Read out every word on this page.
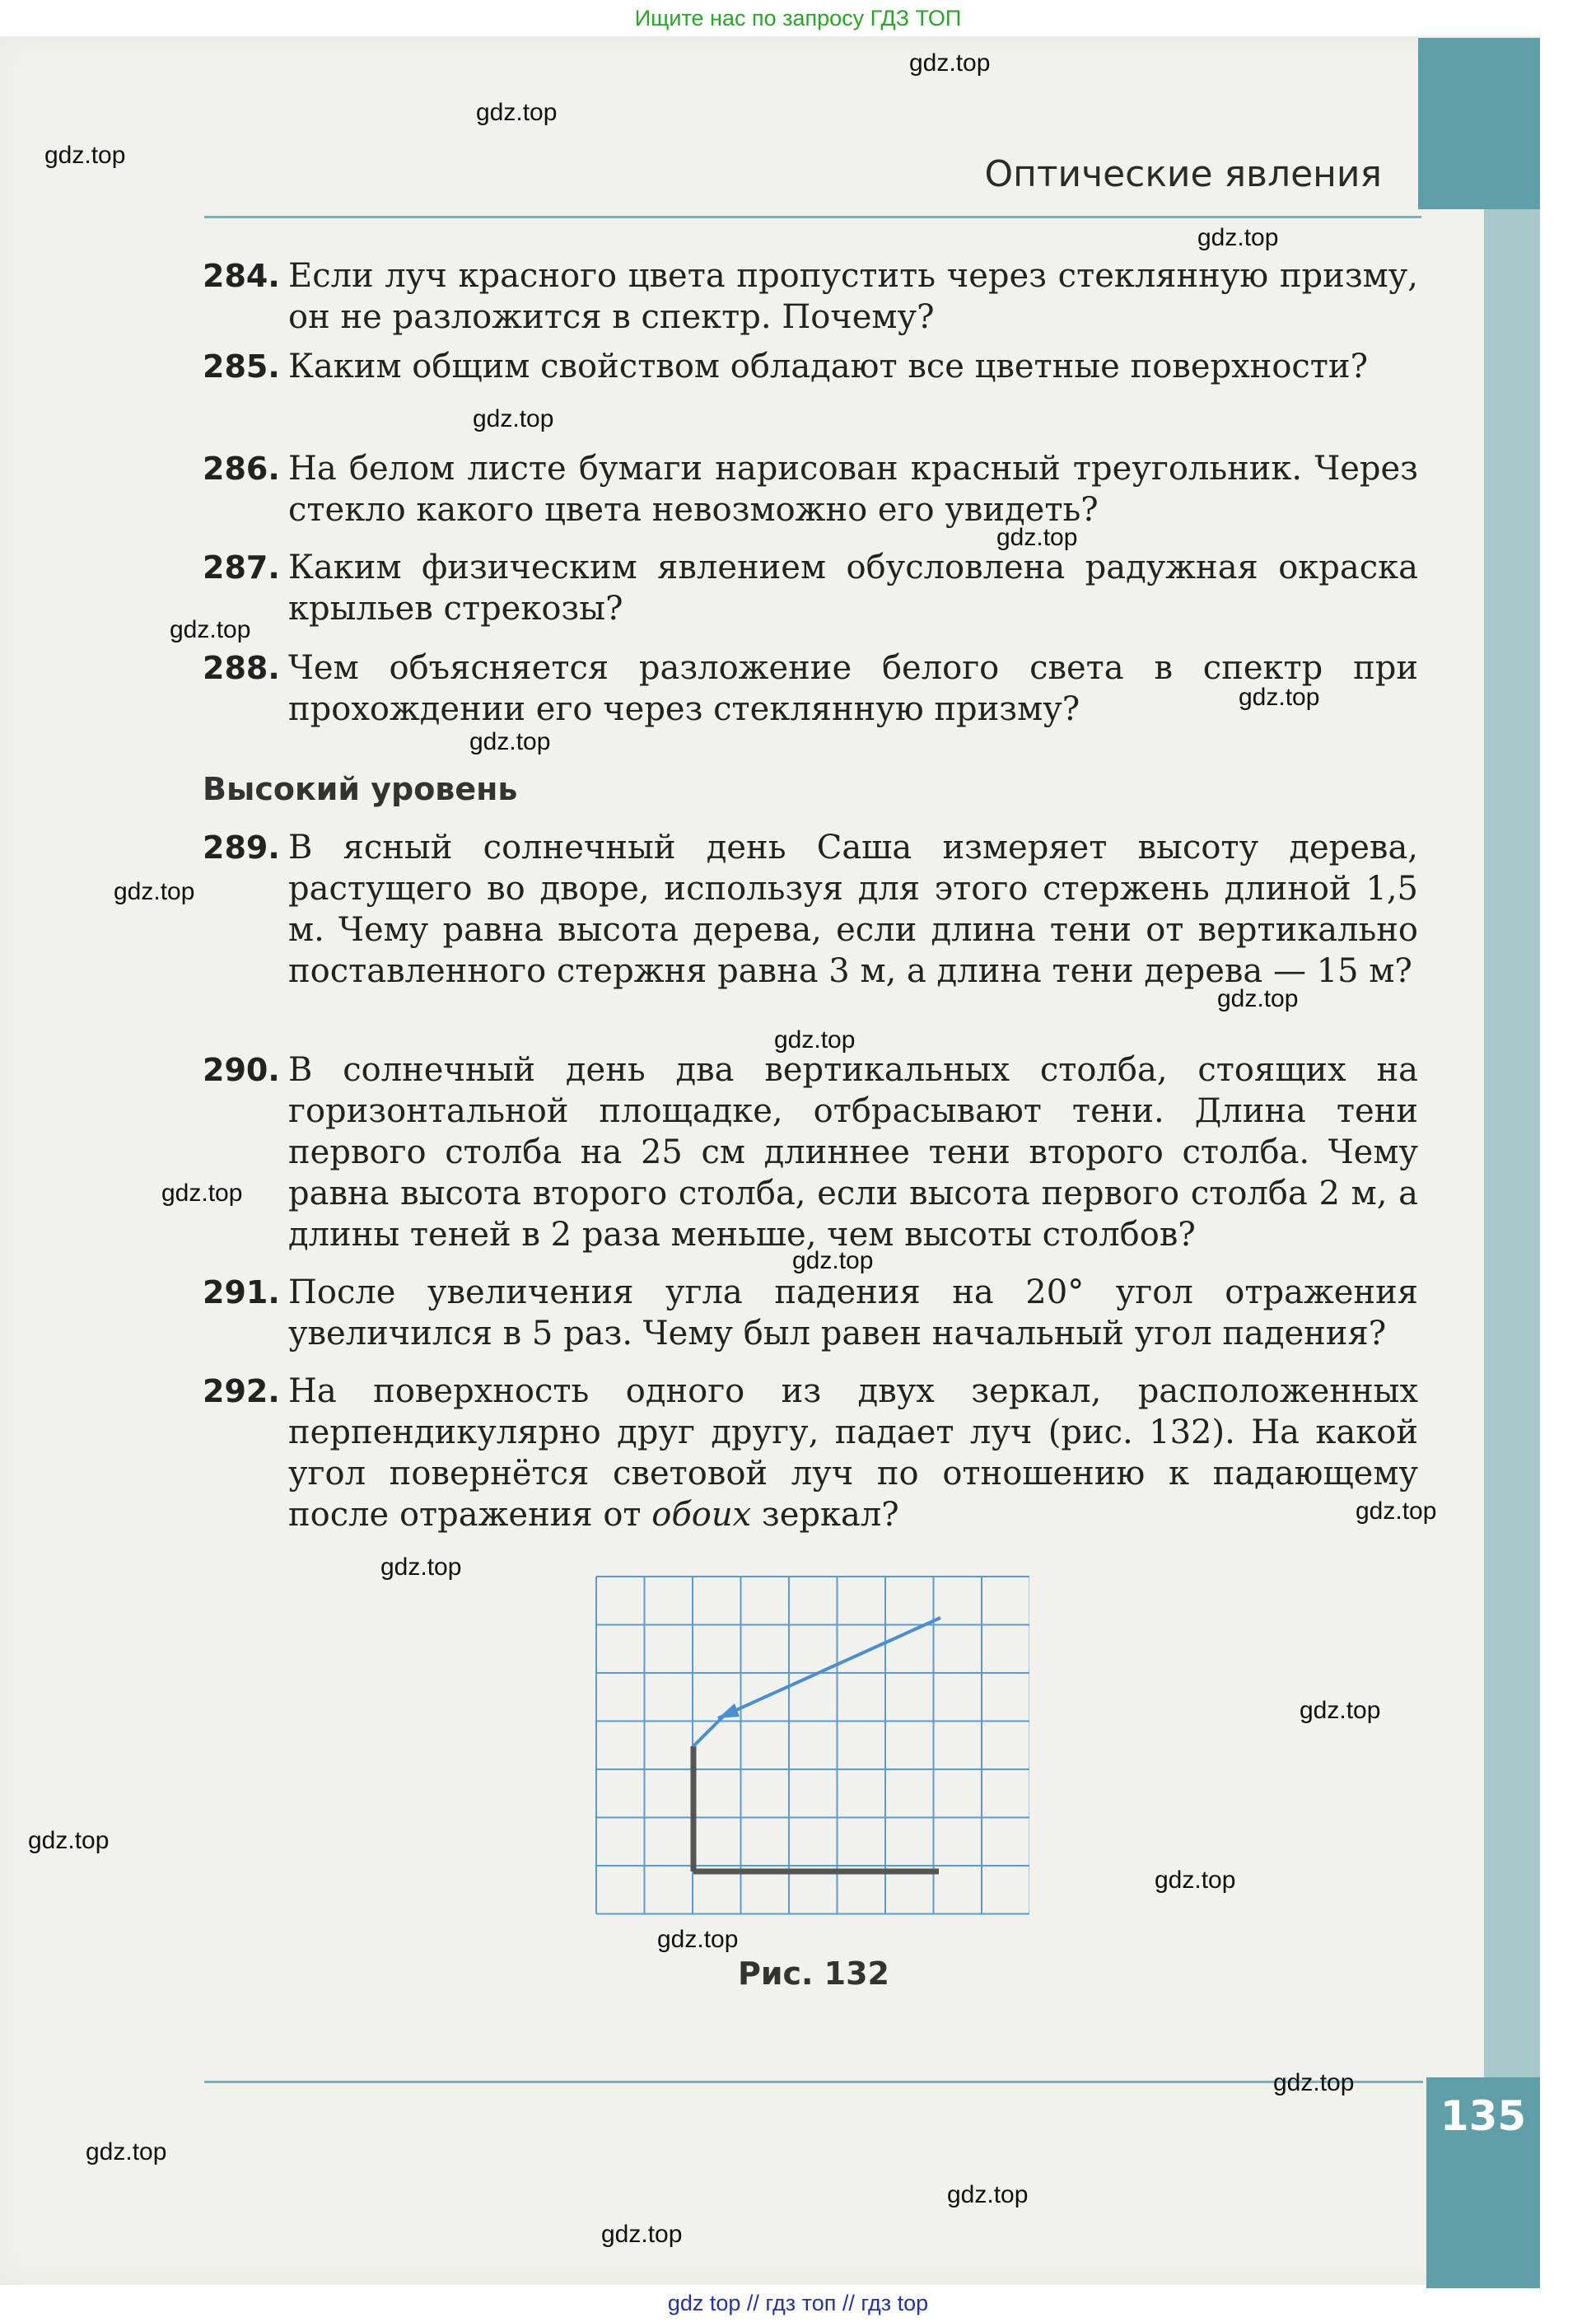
Ищите нас по запросу ГДЗ ТОП
Оптические явления
284. Если луч красного цвета пропустить через стеклянную призму, он не разложится в спектр. Почему?
285. Каким общим свойством обладают все цветные поверхности?
286. На белом листе бумаги нарисован красный треугольник. Через стекло какого цвета невозможно его увидеть?
287. Каким физическим явлением обусловлена радужная окраска крыльев стрекозы?
288. Чем объясняется разложение белого света в спектр при прохождении его через стеклянную призму?
Высокий уровень
289. В ясный солнечный день Саша измеряет высоту дерева, растущего во дворе, используя для этого стержень длиной 1,5 м. Чему равна высота дерева, если длина тени от вертикально поставленного стержня равна 3 м, а длина тени дерева — 15 м?
290. В солнечный день два вертикальных столба, стоящих на горизонтальной площадке, отбрасывают тени. Длина тени первого столба на 25 см длиннее тени второго столба. Чему равна высота второго столба, если высота первого столба 2 м, а длины теней в 2 раза меньше, чем высоты столбов?
291. После увеличения угла падения на 20° угол отражения увеличился в 5 раз. Чему был равен начальный угол падения?
292. На поверхность одного из двух зеркал, расположенных перпендикулярно друг другу, падает луч (рис. 132). На какой угол повернётся световой луч по отношению к падающему после отражения от обоих зеркал?
Рис. 132
135
gdz.top
gdz.top
gdz.top
gdz.top
gdz.top
gdz.top
gdz.top
gdz.top
gdz.top
gdz.top
gdz.top
gdz.top
gdz.top
gdz.top
gdz.top
gdz.top
gdz.top
gdz.top
gdz.top
gdz.top
gdz.top
gdz.top
gdz.top
gdz.top
gdz top // гдз топ // гдз top
